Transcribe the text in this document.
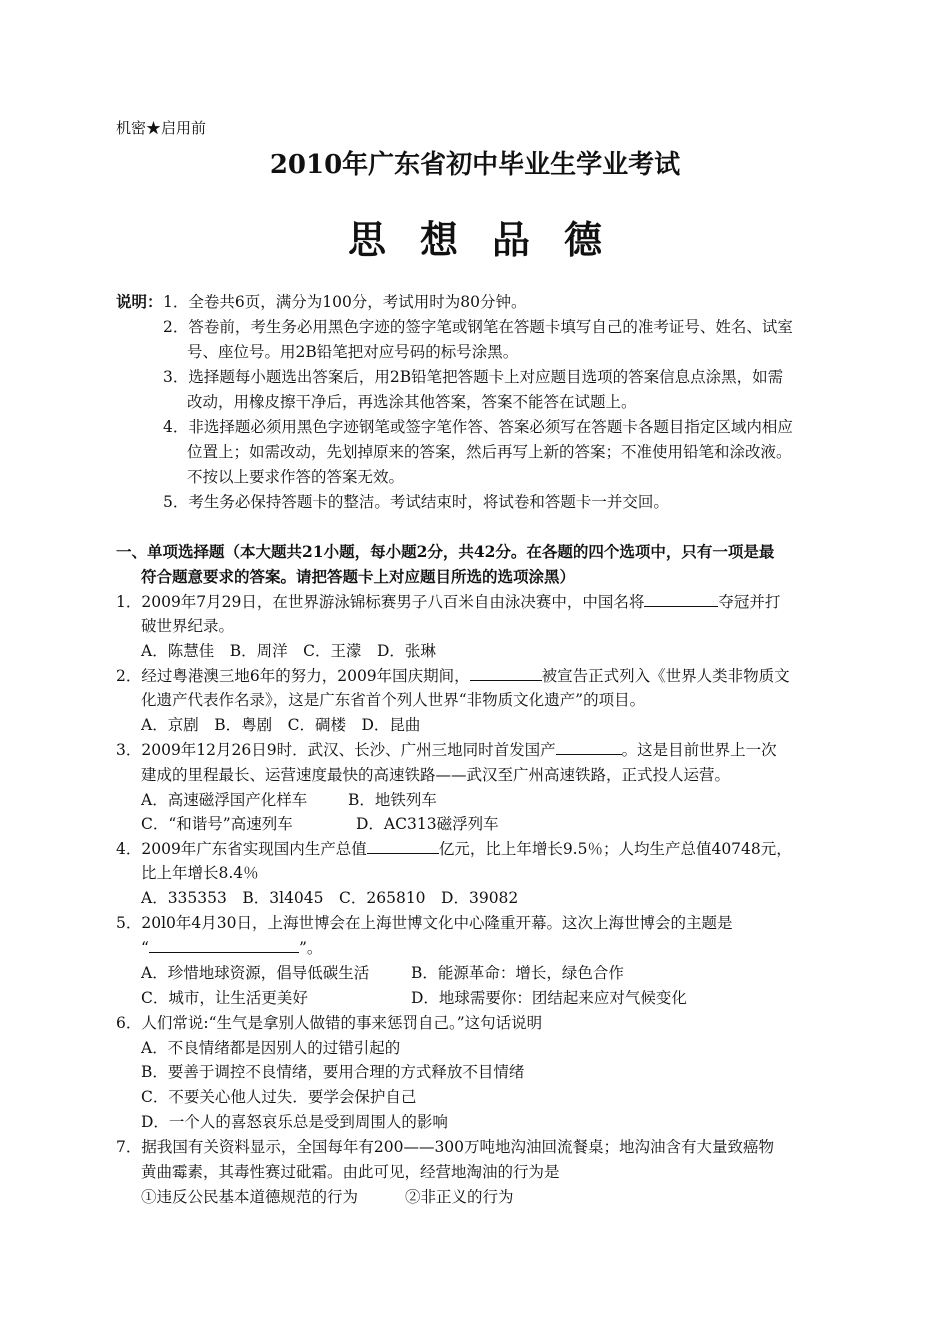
机密★启用前
2010年广东省初中毕业生学业考试
思想品德
说明： 1．全卷共6页，满分为100分，考试用时为80分钟。
2．答卷前，考生务必用黑色字迹的签字笔或钢笔在答题卡填写自己的准考证号、姓名、试室
号、座位号。用2B铅笔把对应号码的标号涂黑。
3．选择题每小题选出答案后，用2B铅笔把答题卡上对应题目选项的答案信息点涂黑，如需
改动，用橡皮擦干净后，再选涂其他答案，答案不能答在试题上。
4．非选择题必须用黑色字迹钢笔或签字笔作答、答案必须写在答题卡各题目指定区域内相应
位置上；如需改动，先划掉原来的答案，然后再写上新的答案；不准使用铅笔和涂改液。
不按以上要求作答的答案无效。
5．考生务必保持答题卡的整洁。考试结束时，将试卷和答题卡一并交回。
一、单项选择题（本大题共21小题，每小题2分，共42分。在各题的四个选项中，只有一项是最
符合题意要求的答案。请把答题卡上对应题目所选的选项涂黑）
1．2009年7月29日，在世界游泳锦标赛男子八百米自由泳决赛中，中国名将	夺冠并打
破世界纪录。
A．陈慧佳　B．周洋　C．王濛　D．张琳
2．经过粤港澳三地6年的努力，2009年国庆期间，	被宣告正式列入《世界人类非物质文
化遗产代表作名录》，这是广东省首个列人世界“非物质文化遗产”的项目。
A．京剧　B．粤剧　C．碉楼　D．昆曲
3．2009年12月26日9时．武汉、长沙、广州三地同时首发国产	。这是目前世界上一次
建成的里程最长、运营速度最快的高速铁路——武汉至广州高速铁路，正式投人运营。
A．高速磁浮国产化样车	B．地铁列车
C．“和谐号”高速列车	D．AC313磁浮列车
4．2009年广东省实现国内生产总值	亿元，比上年增长9.5％；人均生产总值40748元，
比上年增长8.4％
A．335353　B．3l4045　C．265810　D．39082
5．20l0年4月30日，上海世博会在上海世博文化中心隆重开幕。这次上海世博会的主题是
“	”。
A．珍惜地球资源，倡导低碳生活	B．能源革命：增长，绿色合作
C．城市，让生活更美好	D．地球需要你：团结起来应对气候变化
6．人们常说:“生气是拿别人做错的事来惩罚自己。”这句话说明
A．不良情绪都是因别人的过错引起的
B．要善于调控不良情绪，要用合理的方式释放不目情绪
C．不要关心他人过失．要学会保护自己
D．一个人的喜怒哀乐总是受到周围人的影响
7．据我国有关资料显示，全国每年有200——300万吨地沟油回流餐桌；地沟油含有大量致癌物
黄曲霉素，其毒性赛过砒霜。由此可见，经营地淘油的行为是
①违反公民基本道德规范的行为	②非正义的行为
